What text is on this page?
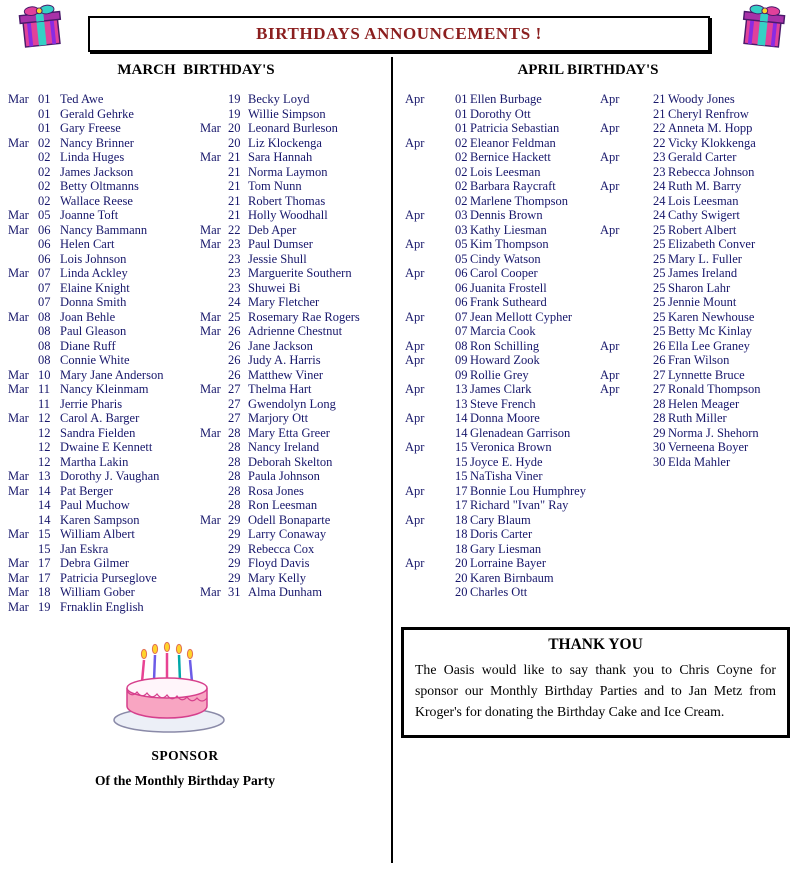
BIRTHDAYS ANNOUNCEMENTS !
MARCH  BIRTHDAY'S	APRIL BIRTHDAY'S
Mar 01 Ted Awe
01 Gerald Gehrke
01 Gary Freese
Mar 02 Nancy Brinner
02 Linda Huges
02 James Jackson
02 Betty Oltmanns
02 Wallace Reese
Mar 05 Joanne Toft
Mar 06 Nancy Bammann
06 Helen Cart
06 Lois Johnson
Mar 07 Linda Ackley
07 Elaine Knight
07 Donna Smith
Mar 08 Joan Behle
08 Paul Gleason
08 Diane Ruff
08 Connie White
Mar 10 Mary Jane Anderson
Mar 11 Nancy Kleinmam
11 Jerrie Pharis
Mar 12 Carol A. Barger
12 Sandra Fielden
12 Dwaine E Kennett
12 Martha Lakin
Mar 13 Dorothy J. Vaughan
Mar 14 Pat Berger
14 Paul Muchow
14 Karen Sampson
Mar 15 William Albert
15 Jan Eskra
Mar 17 Debra Gilmer
Mar 17 Patricia Purseglove
Mar 18 William Gober
Mar 19 Frnaklin English
19 Becky Loyd
19 Willie Simpson
Mar 20 Leonard Burleson
20 Liz Klockenga
Mar 21 Sara Hannah
21 Norma Laymon
21 Tom Nunn
21 Robert Thomas
21 Holly Woodhall
Mar 22 Deb Aper
Mar 23 Paul Dumser
23 Jessie Shull
23 Marguerite Southern
23 Shuwei Bi
24 Mary Fletcher
Mar 25 Rosemary Rae Rogers
Mar 26 Adrienne Chestnut
26 Jane Jackson
26 Judy A. Harris
26 Matthew Viner
Mar 27 Thelma Hart
27 Gwendolyn Long
27 Marjory Ott
Mar 28 Mary Etta Greer
28 Nancy Ireland
28 Deborah Skelton
28 Paula Johnson
28 Rosa Jones
28 Ron Leesman
Mar 29 Odell Bonaparte
29 Larry Conaway
29 Rebecca Cox
29 Floyd Davis
29 Mary Kelly
Mar 31 Alma Dunham
Apr	01 Ellen Burbage
01 Dorothy Ott
01 Patricia Sebastian
Apr	02 Eleanor Feldman
02 Bernice Hackett
02 Lois Leesman
02 Barbara Raycraft
02 Marlene Thompson
Apr	03 Dennis Brown
03 Kathy Liesman
Apr	05 Kim Thompson
05 Cindy Watson
Apr	06 Carol Cooper
06 Juanita Frostell
06 Frank Sutheard
Apr	07 Jean Mellott Cypher
07 Marcia Cook
Apr	08 Ron Schilling
Apr	09 Howard Zook
09 Rollie Grey
Apr	13 James Clark
13 Steve French
Apr	14 Donna Moore
14 Glenadean Garrison
Apr	15 Veronica Brown
15 Joyce E. Hyde
15 NaTisha Viner
Apr	17 Bonnie Lou Humphrey
17 Richard "Ivan" Ray
Apr	18 Cary Blaum
18 Doris Carter
18 Gary Liesman
Apr	20 Lorraine Bayer
20 Karen Birnbaum
20 Charles Ott
Apr	21 Woody Jones
21 Cheryl Renfrow
Apr	22 Anneta M. Hopp
22 Vicky Klokkenga
Apr	23 Gerald Carter
23 Rebecca Johnson
Apr	24 Ruth M. Barry
24 Lois Leesman
24 Cathy Swigert
Apr	25 Robert Albert
25 Elizabeth Conver
25 Mary L. Fuller
25 James Ireland
25 Sharon Lahr
25 Jennie Mount
25 Karen Newhouse
25 Betty Mc Kinlay
Apr	26 Ella Lee Graney
26 Fran Wilson
Apr	27 Lynnette Bruce
Apr	27 Ronald Thompson
28 Helen Meager
28 Ruth Miller
29 Norma J. Shehorn
30 Verneena Boyer
30 Elda Mahler
SPONSOR
Of the Monthly Birthday Party
THANK YOU

The Oasis would like to say thank you to Chris Coyne for sponsor our Monthly Birthday Parties and to Jan Metz from Kroger's for donating the Birthday Cake and Ice Cream.
